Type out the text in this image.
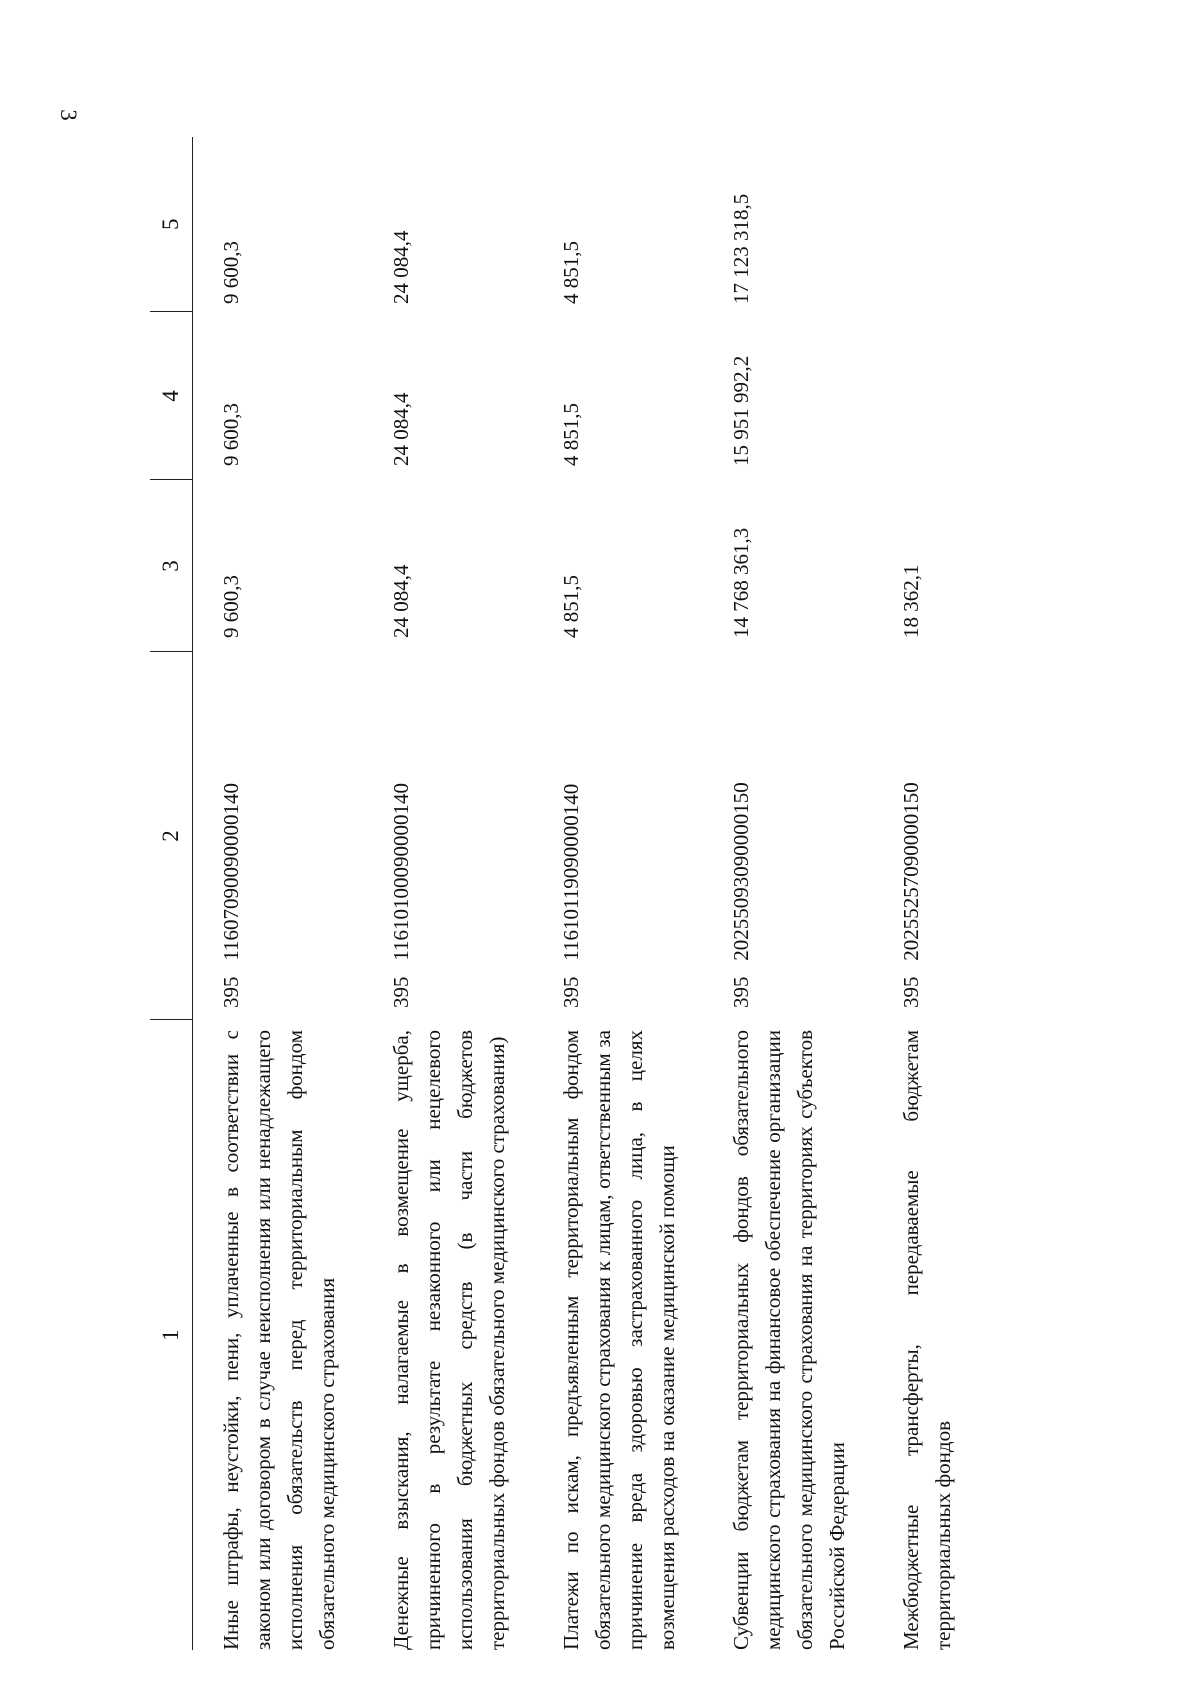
3
1	2	3	4	5
Иные штрафы, неустойки, пени, уплаченные в соответствии с законом или договором в случае неисполнения или ненадлежащего исполнения обязательств перед территориальным фондом обязательного медицинского страхования	395   11607090090000140	9 600,3	9 600,3	9 600,3
Денежные взыскания, налагаемые в возмещение ущерба, причиненного в результате незаконного или нецелевого использования бюджетных средств (в части бюджетов территориальных фондов обязательного медицинского страхования)	395   11610100090000140	24 084,4	24 084,4	24 084,4
Платежи по искам, предъявленным территориальным фондом обязательного медицинского страхования к лицам, ответственным за причинение вреда здоровью застрахованного лица, в целях возмещения расходов на оказание медицинской помощи	395   11610119090000140	4 851,5	4 851,5	4 851,5
Субвенции бюджетам территориальных фондов обязательного медицинского страхования на финансовое обеспечение организации обязательного медицинского страхования на территориях субъектов Российской Федерации	395   20255093090000150	14 768 361,3	15 951 992,2	17 123 318,5
Межбюджетные трансферты, передаваемые бюджетам территориальных фондов	395   20255257090000150	18 362,1		
